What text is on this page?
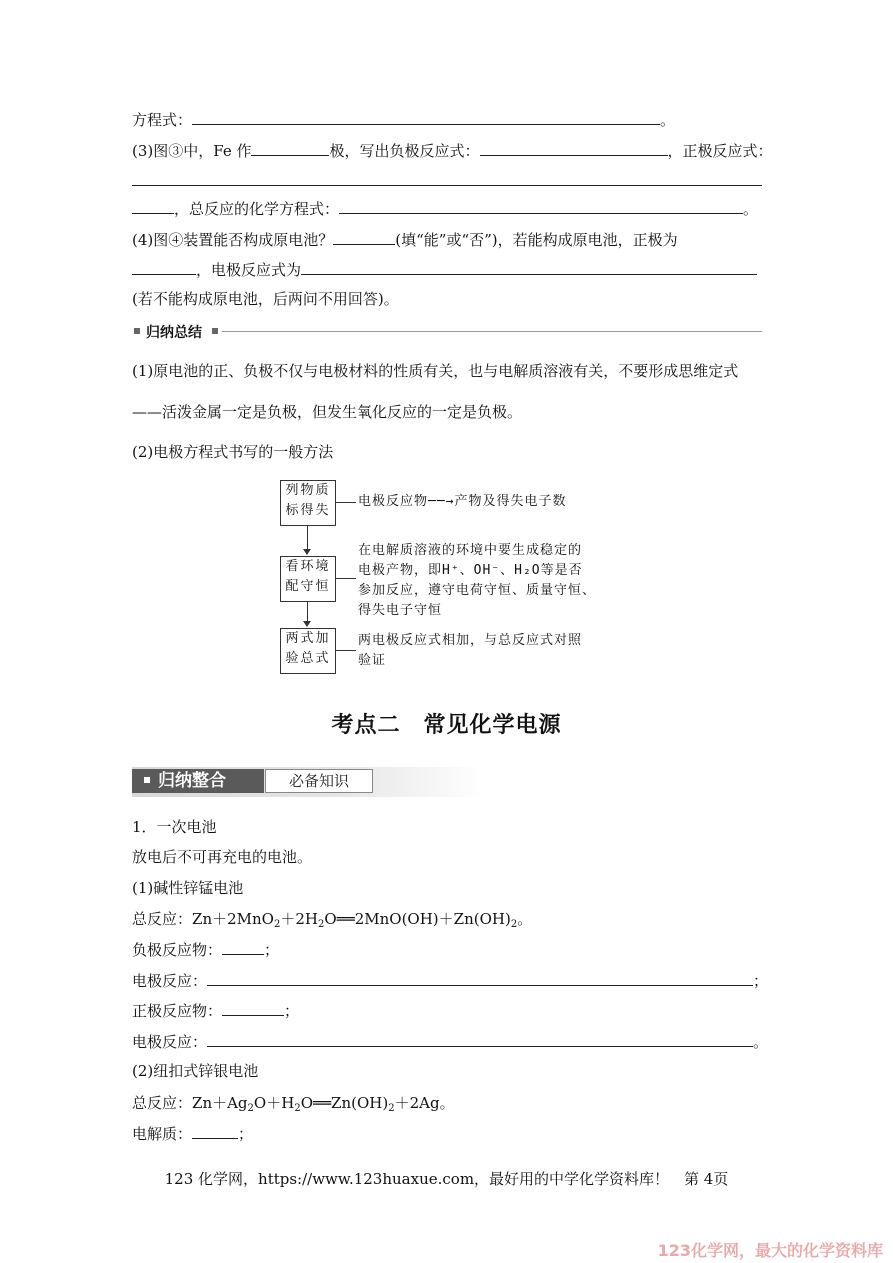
方程式：	。
(3)图③中，Fe 作	极，写出负极反应式：	，正极反应式：
，总反应的化学方程式：	。
(4)图④装置能否构成原电池？	(填“能”或“否”)，若能构成原电池，正极为
，电极反应式为
(若不能构成原电池，后两问不用回答)。
归纳总结
(1)原电池的正、负极不仅与电极材料的性质有关，也与电解质溶液有关，不要形成思维定式
——活泼金属一定是负极，但发生氧化反应的一定是负极。
(2)电极方程式书写的一般方法
列物质
标得失
电极反应物──→产物及得失电子数
看环境
配守恒
在电解质溶液的环境中要生成稳定的
电极产物，即H⁺、OH⁻、H₂O等是否
参加反应，遵守电荷守恒、质量守恒、
得失电子守恒
两式加
验总式
两电极反应式相加，与总反应式对照
验证
考点二　常见化学电源
归纳整合	必备知识
1．一次电池
放电后不可再充电的电池。
(1)碱性锌锰电池
总反应：$Zn+2MnO_2+2H_2O══2MnO(OH)+Zn(OH)_2$。
负极反应物：	；
电极反应：	；
正极反应物：	；
电极反应：	。
(2)纽扣式锌银电池
总反应：$Zn+Ag_2O+H_2O══Zn(OH)_2+2Ag$。
电解质：	；
123 化学网，https://www.123huaxue.com，最好用的中学化学资料库！　第 4页
123化学网，最大的化学资料库
